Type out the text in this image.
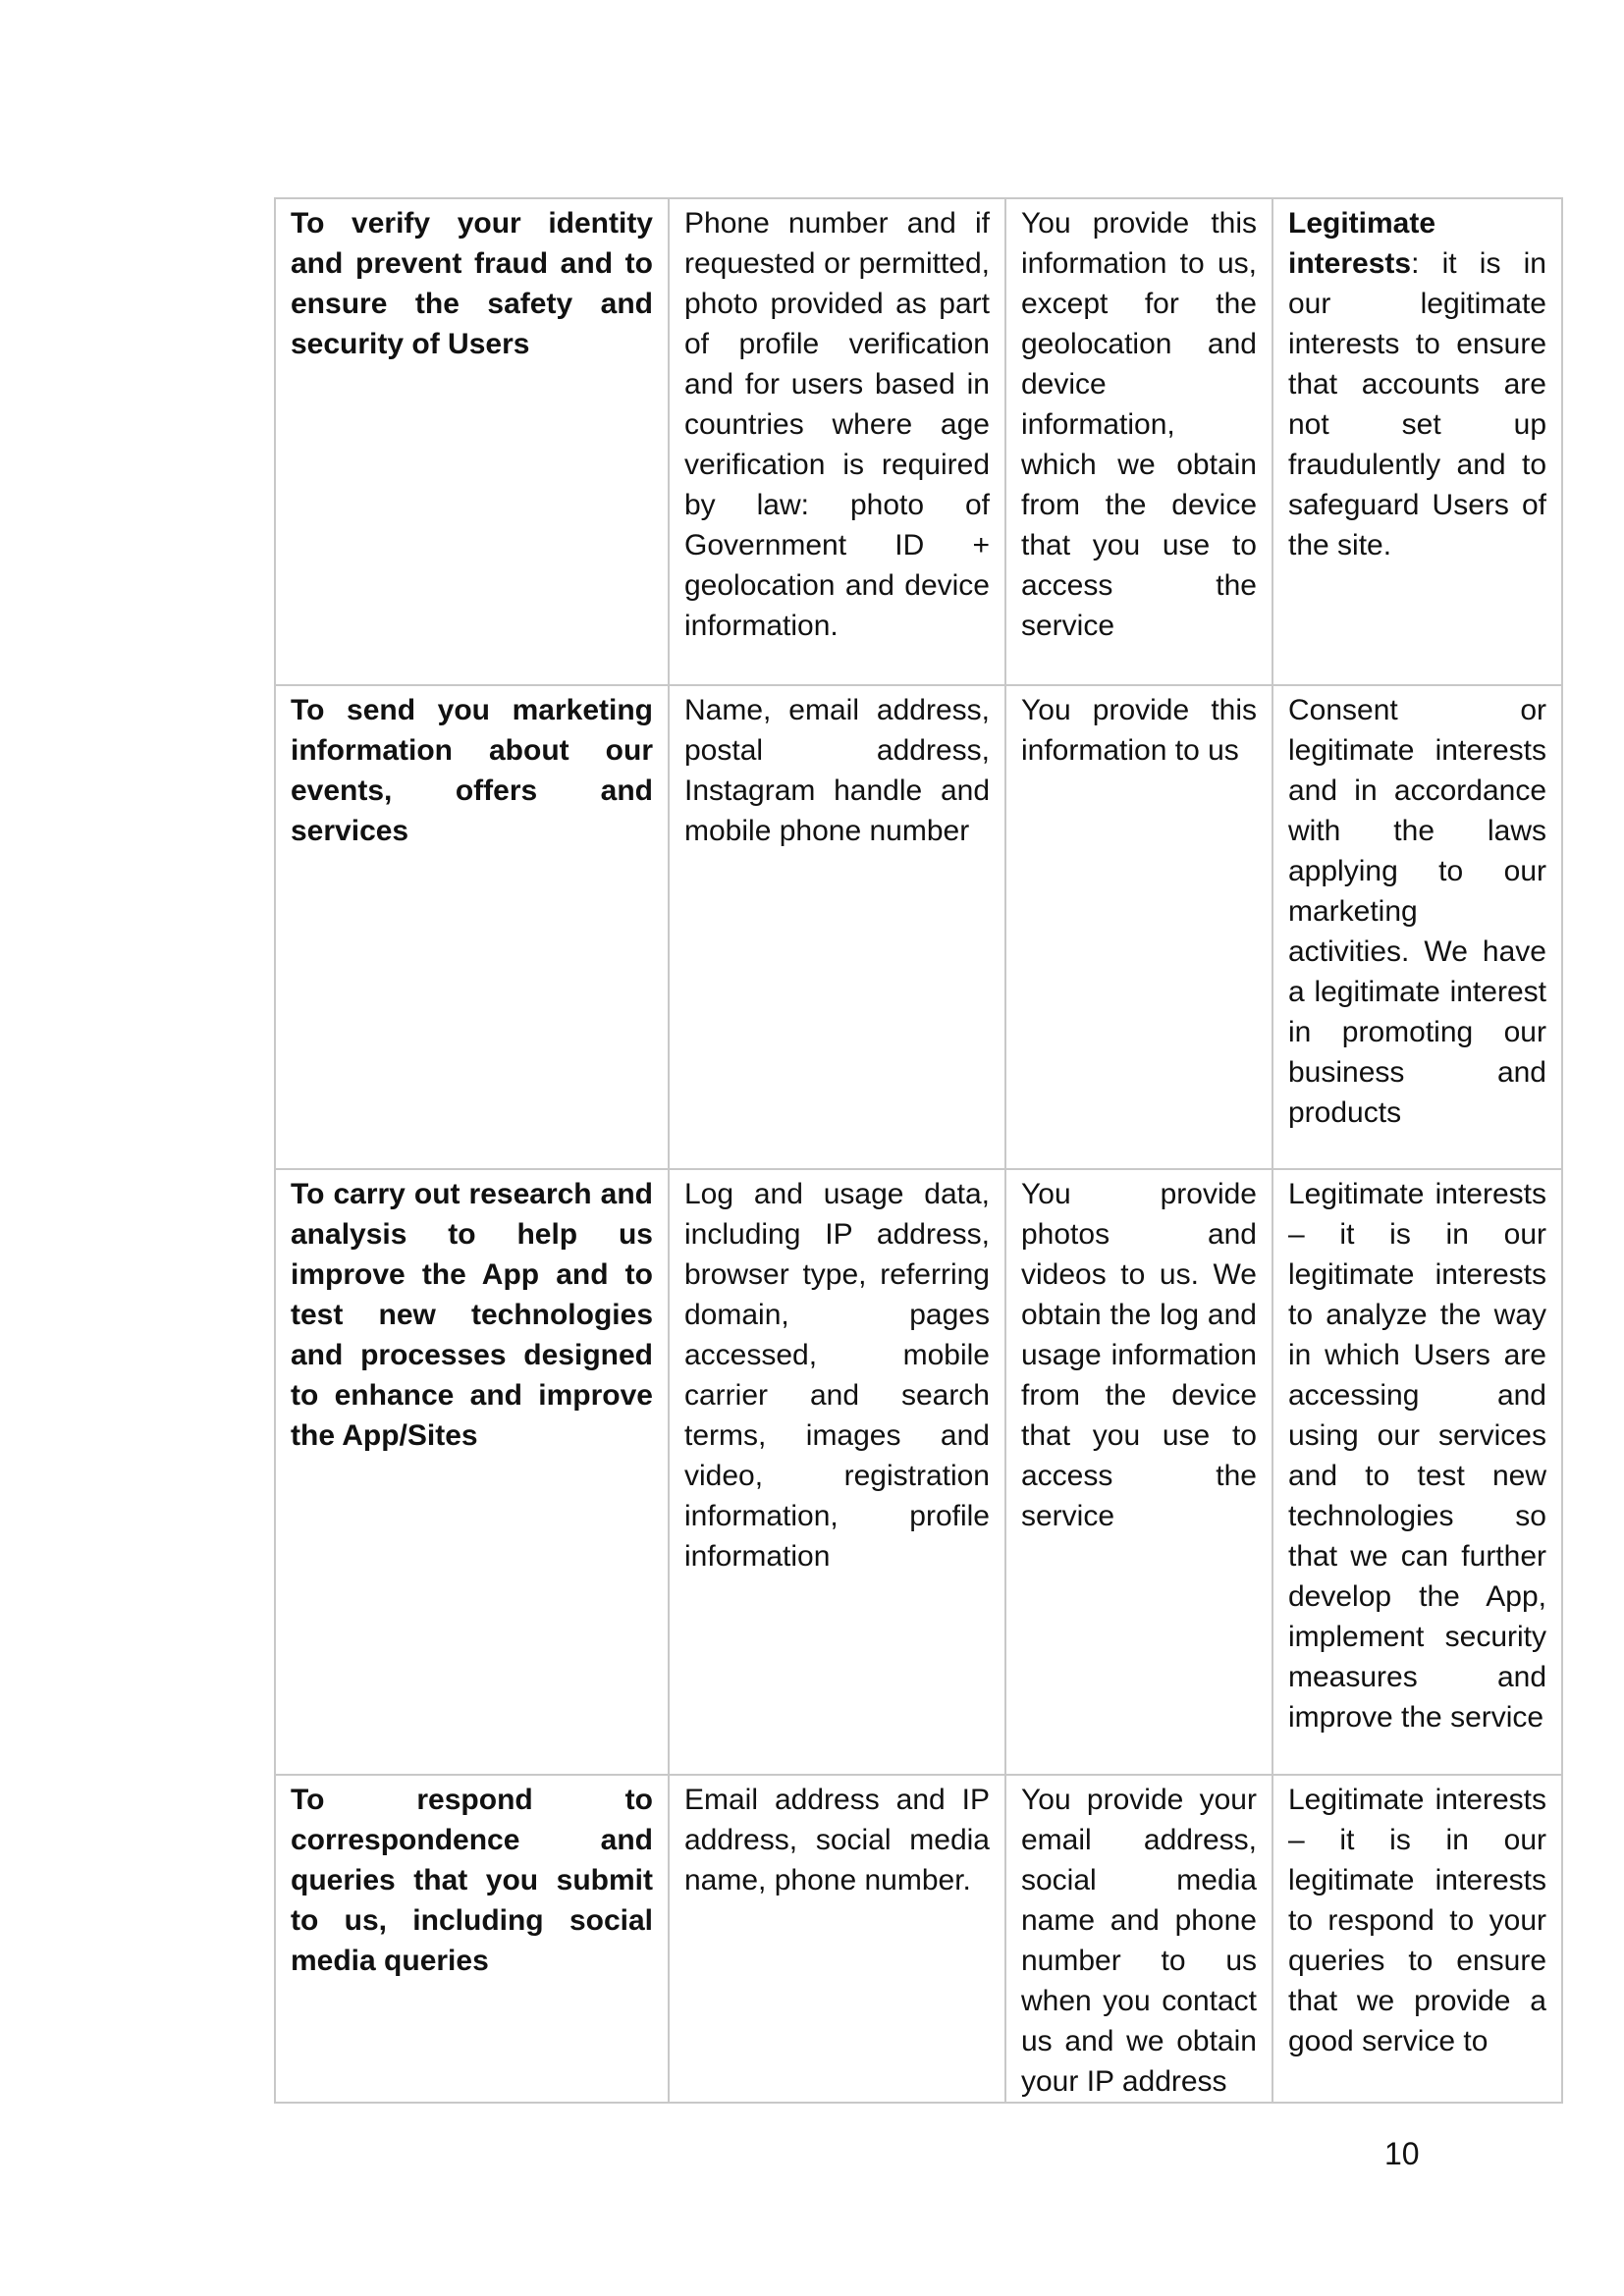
To verify your identity and prevent fraud and to ensure the safety and security of Users	Phone number and if requested or permitted, photo provided as part of profile verification and for users based in countries where age verification is required by law: photo of Government ID + geolocation and device information.	You provide this information to us, except for the geolocation and device information, which we obtain from the device that you use to access the service	Legitimate interests: it is in our legitimate interests to ensure that accounts are not set up fraudulently and to safeguard Users of the site.
To send you marketing information about our events, offers and services	Name, email address, postal address, Instagram handle and mobile phone number	You provide this information to us	Consent or legitimate interests and in accordance with the laws applying to our marketing activities. We have a legitimate interest in promoting our business and products
To carry out research and analysis to help us improve the App and to test new technologies and processes designed to enhance and improve the App/Sites	Log and usage data, including IP address, browser type, referring domain, pages accessed, mobile carrier and search terms, images and video, registration information, profile information	You provide photos and videos to us. We obtain the log and usage information from the device that you use to access the service	Legitimate interests – it is in our legitimate interests to analyze the way in which Users are accessing and using our services and to test new technologies so that we can further develop the App, implement security measures and improve the service
To respond to correspondence and queries that you submit to us, including social media queries	Email address and IP address, social media name, phone number.	You provide your email address, social media name and phone number to us when you contact us and we obtain your IP address	Legitimate interests – it is in our legitimate interests to respond to your queries to ensure that we provide a good service to
10
